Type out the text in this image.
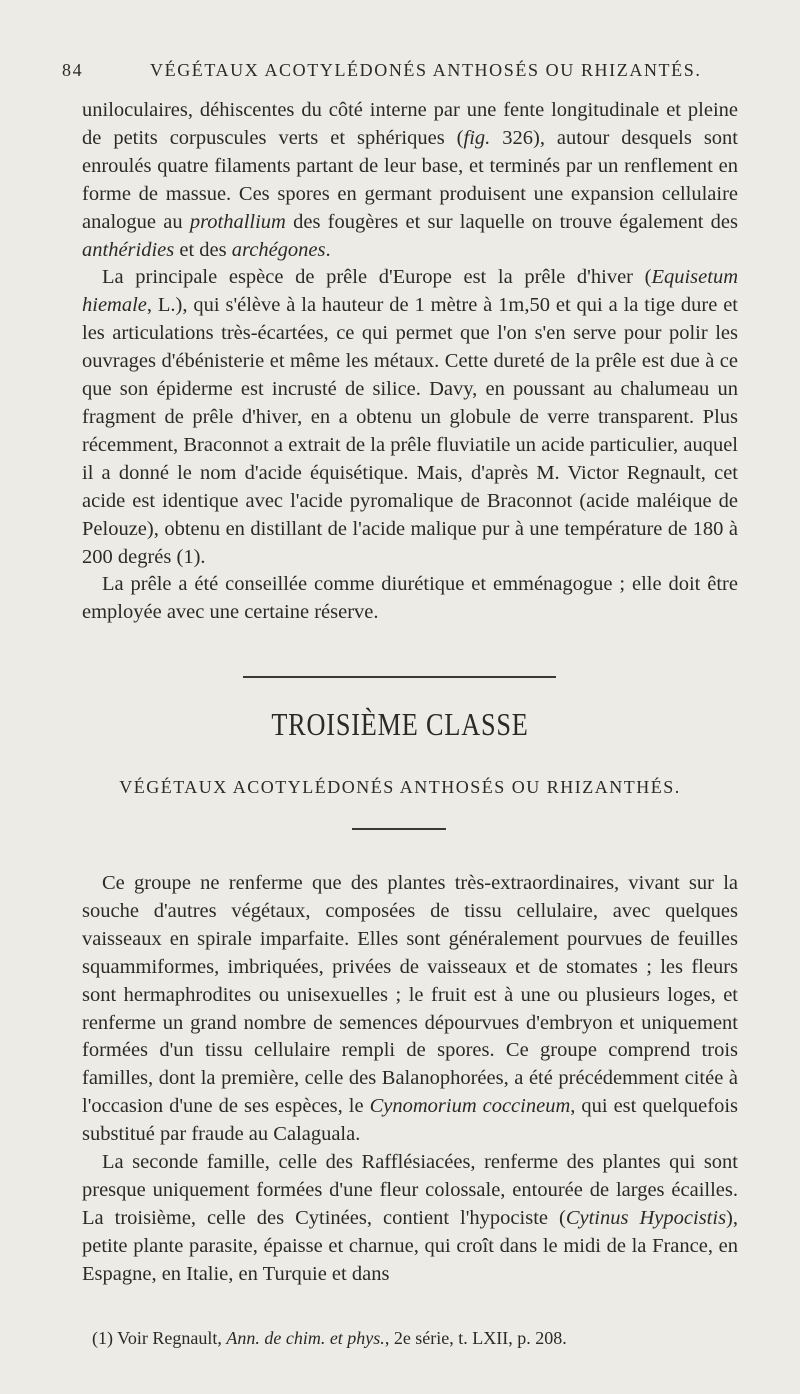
84	VÉGÉTAUX ACOTYLÉDONÉS ANTHOSÉS OU RHIZANTÉS.

uniloculaires, déhiscentes du côté interne par une fente longitudinale et pleine de petits corpuscules verts et sphériques (fig. 326), autour desquels sont enroulés quatre filaments partant de leur base, et terminés par un renflement en forme de massue. Ces spores en germant produisent une expansion cellulaire analogue au prothallium des fougères et sur laquelle on trouve également des anthéridies et des archégones.

La principale espèce de prêle d'Europe est la prêle d'hiver (Equisetum hiemale, L.), qui s'élève à la hauteur de 1 mètre à 1m,50 et qui a la tige dure et les articulations très-écartées, ce qui permet que l'on s'en serve pour polir les ouvrages d'ébénisterie et même les métaux. Cette dureté de la prêle est due à ce que son épiderme est incrusté de silice. Davy, en poussant au chalumeau un fragment de prêle d'hiver, en a obtenu un globule de verre transparent. Plus récemment, Braconnot a extrait de la prêle fluviatile un acide particulier, auquel il a donné le nom d'acide équisétique. Mais, d'après M. Victor Regnault, cet acide est identique avec l'acide pyromalique de Braconnot (acide maléique de Pelouze), obtenu en distillant de l'acide malique pur à une température de 180 à 200 degrés (1).

La prêle a été conseillée comme diurétique et emménagogue ; elle doit être employée avec une certaine réserve.

TROISIÈME CLASSE
VÉGÉTAUX ACOTYLÉDONÉS ANTHOSÉS OU RHIZANTHÉS.

Ce groupe ne renferme que des plantes très-extraordinaires, vivant sur la souche d'autres végétaux, composées de tissu cellulaire, avec quelques vaisseaux en spirale imparfaite. Elles sont généralement pourvues de feuilles squammiformes, imbriquées, privées de vaisseaux et de stomates ; les fleurs sont hermaphrodites ou unisexuelles ; le fruit est à une ou plusieurs loges, et renferme un grand nombre de semences dépourvues d'embryon et uniquement formées d'un tissu cellulaire rempli de spores. Ce groupe comprend trois familles, dont la première, celle des Balanophorées, a été précédemment citée à l'occasion d'une de ses espèces, le Cynomorium coccineum, qui est quelquefois substitué par fraude au Calaguala.

La seconde famille, celle des Rafflésiacées, renferme des plantes qui sont presque uniquement formées d'une fleur colossale, entourée de larges écailles. La troisième, celle des Cytinées, contient l'hypociste (Cytinus Hypocistis), petite plante parasite, épaisse et charnue, qui croît dans le midi de la France, en Espagne, en Italie, en Turquie et dans

(1) Voir Regnault, Ann. de chim. et phys., 2e série, t. LXII, p. 208.
